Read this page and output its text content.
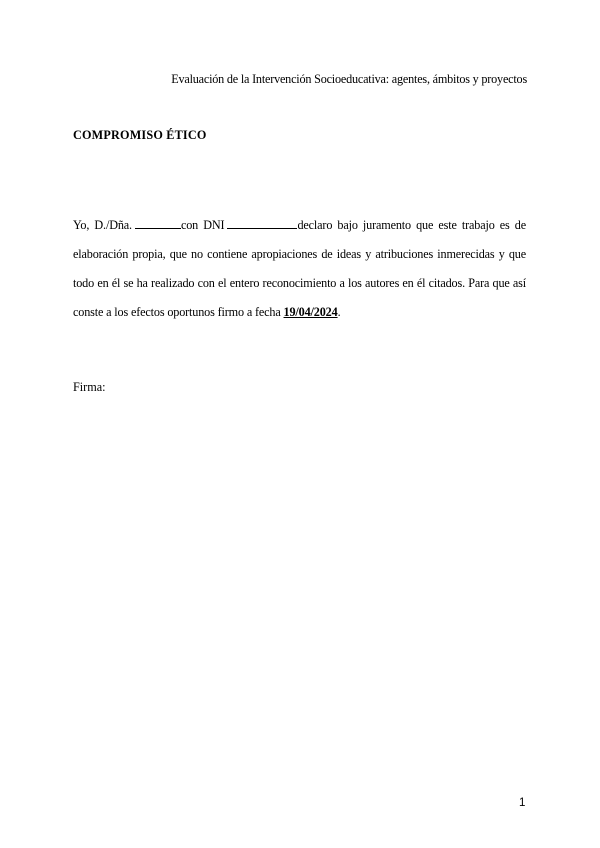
Evaluación de la Intervención Socioeducativa: agentes, ámbitos y proyectos
COMPROMISO ÉTICO
Yo, D./Dña.	con DNI	declaro bajo juramento que este trabajo es de elaboración propia, que no contiene apropiaciones de ideas y atribuciones inmerecidas y que todo en él se ha realizado con el entero reconocimiento a los autores en él citados. Para que así conste a los efectos oportunos firmo a fecha 19/04/2024.
Firma:
1
